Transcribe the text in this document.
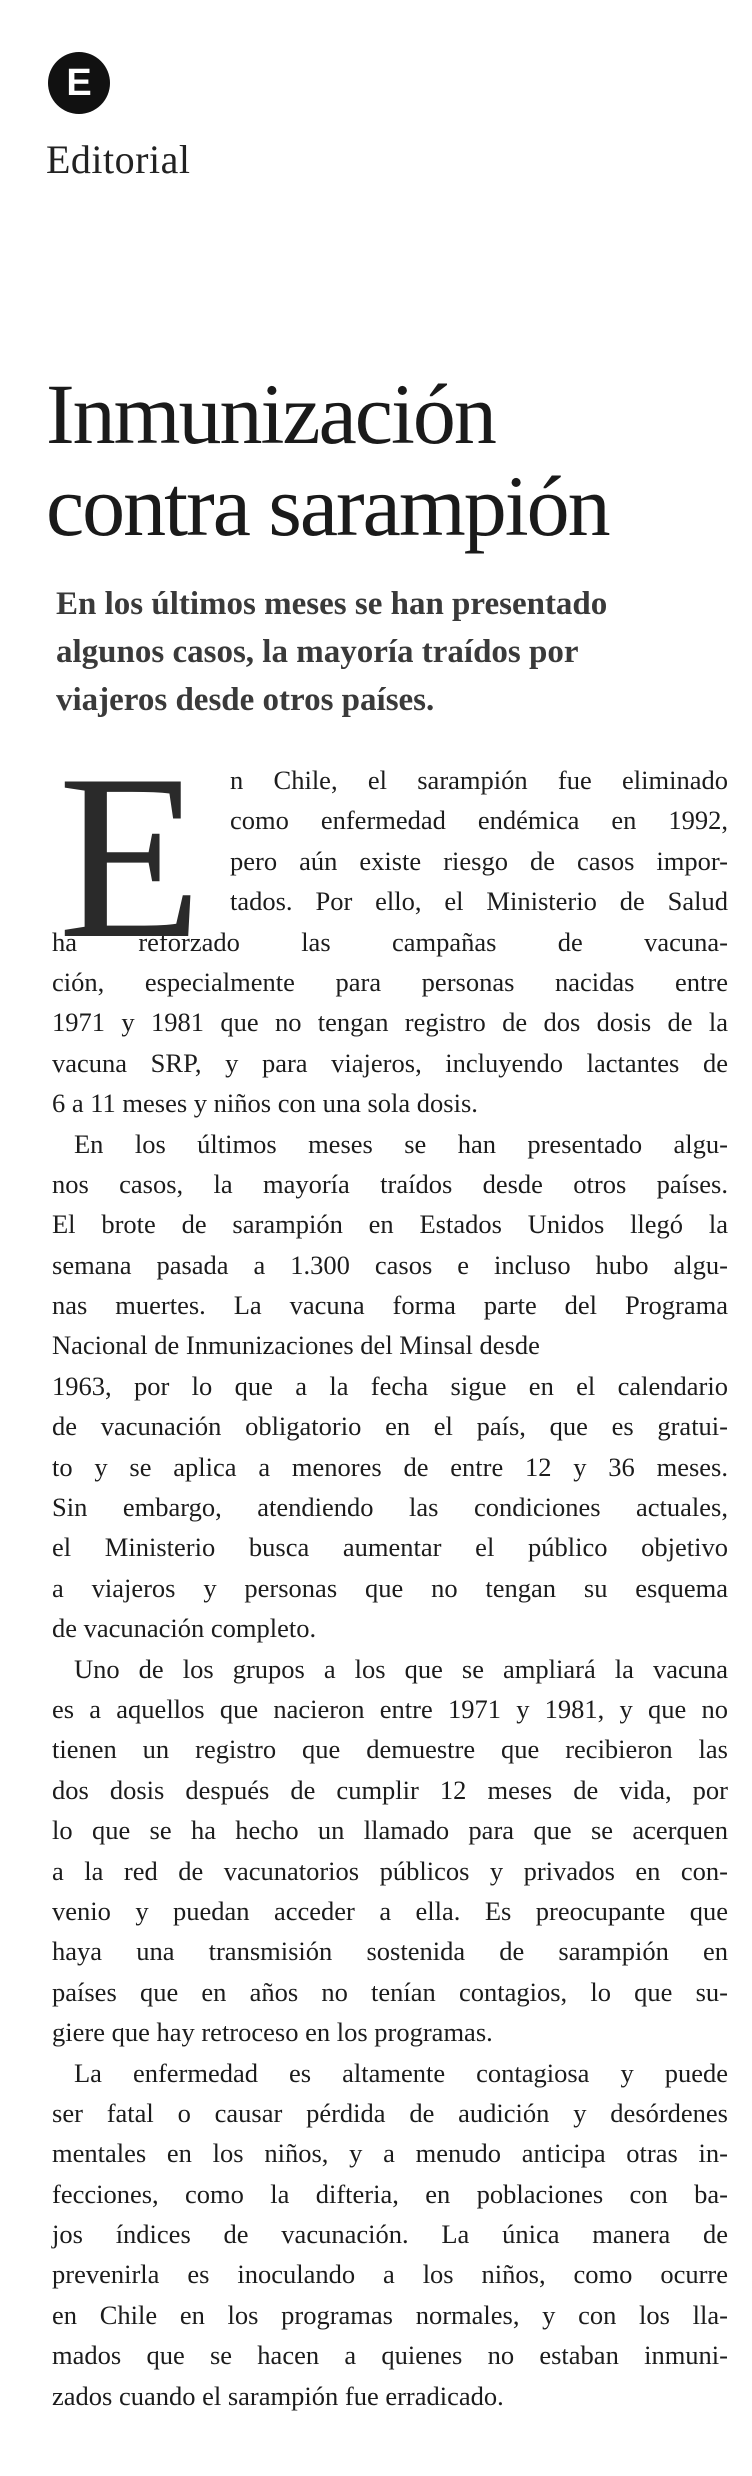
E
Editorial
Inmunización
contra sarampión

En los últimos meses se han presentado
algunos casos, la mayoría traídos por
viajeros desde otros países.

E	n Chile, el sarampión fue eliminado
como enfermedad endémica en 1992,
pero aún existe riesgo de casos impor-
tados. Por ello, el Ministerio de Salud
ha reforzado las campañas de vacuna-
ción, especialmente para personas nacidas entre
1971 y 1981 que no tengan registro de dos dosis de la
vacuna SRP, y para viajeros, incluyendo lactantes de
6 a 11 meses y niños con una sola dosis.
En los últimos meses se han presentado algu-
nos casos, la mayoría traídos desde otros países.
El brote de sarampión en Estados Unidos llegó la
semana pasada a 1.300 casos e incluso hubo algu-
nas muertes. La vacuna forma parte del Programa
Nacional de Inmunizaciones del Minsal desde
1963, por lo que a la fecha sigue en el calendario
de vacunación obligatorio en el país, que es gratui-
to y se aplica a menores de entre 12 y 36 meses.
Sin embargo, atendiendo las condiciones actuales,
el Ministerio busca aumentar el público objetivo
a viajeros y personas que no tengan su esquema
de vacunación completo.
Uno de los grupos a los que se ampliará la vacuna
es a aquellos que nacieron entre 1971 y 1981, y que no
tienen un registro que demuestre que recibieron las
dos dosis después de cumplir 12 meses de vida, por
lo que se ha hecho un llamado para que se acerquen
a la red de vacunatorios públicos y privados en con-
venio y puedan acceder a ella. Es preocupante que
haya una transmisión sostenida de sarampión en
países que en años no tenían contagios, lo que su-
giere que hay retroceso en los programas.
La enfermedad es altamente contagiosa y puede
ser fatal o causar pérdida de audición y desórdenes
mentales en los niños, y a menudo anticipa otras in-
fecciones, como la difteria, en poblaciones con ba-
jos índices de vacunación. La única manera de
prevenirla es inoculando a los niños, como ocurre
en Chile en los programas normales, y con los lla-
mados que se hacen a quienes no estaban inmuni-
zados cuando el sarampión fue erradicado.
